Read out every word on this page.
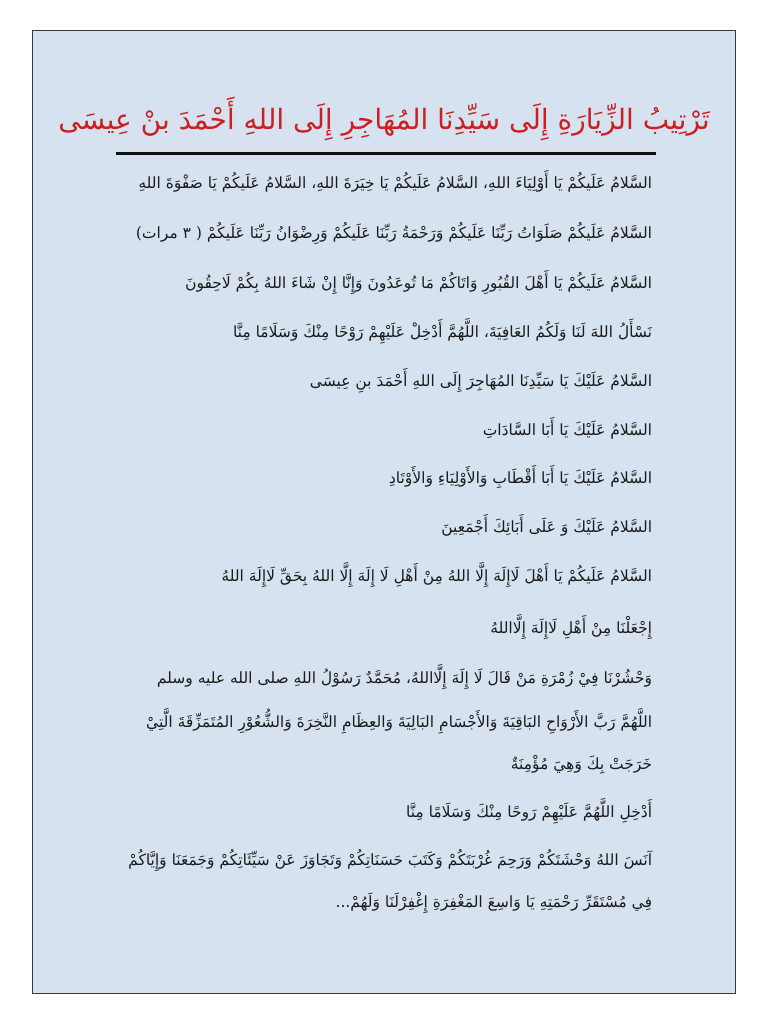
تَرْتِيبُ الزِّيَارَةِ إِلَى سَيِّدِنَا المُهَاجِرِ إِلَى اللهِ أَحْمَدَ بنْ عِيسَى
السَّلامُ عَلَيكُمْ يَا أَوْلِيَاءَ اللهِ، السَّلامُ عَلَيكُمْ يَا خِيَرَةَ اللهِ، السَّلامُ عَلَيكُمْ يَا صَفْوَةَ اللهِ
السَّلامُ عَلَيكُمْ صَلَوَاتُ رَبِّنَا عَلَيكُمْ وَرَحْمَةُ رَبِّنَا عَلَيكُمْ وَرِضْوَانُ رَبِّنَا عَلَيكُمْ ( ٣ مرات)
السَّلامُ عَلَيكُمْ يَا أَهْلَ القُبُورِ وَاتَاكُمْ مَا تُوعَدُونَ وَإِنَّا إِنْ شَاءَ اللهُ بِكُمْ لَاحِقُونَ
نَسْأَلُ اللهَ لَنَا وَلَكُمُ العَافِيَةَ، اللَّهُمَّ أَدْخِلْ عَلَيْهِمْ رَوْحًا مِنْكَ وَسَلَامًا مِنَّا
السَّلامُ عَلَيْكَ يَا سَيِّدِنَا المُهَاجِرَ إِلَى اللهِ أَحْمَدَ بنِ عِيسَى
السَّلامُ عَلَيْكَ يَا أَبَا السَّادَاتِ
السَّلامُ عَلَيْكَ يَا أَبَا أَقْطَابِ وَالأَوْلِيَاءِ وَالأَوْتَادِ
السَّلامُ عَلَيْكَ وَ عَلَى أَبَائِكَ أَجْمَعِينَ
السَّلامُ عَلَيكُمْ يَا أَهْلَ لَاإِلَهَ إِلَّا اللهُ مِنْ أَهْلِ لَا إِلَهَ إِلَّا اللهُ بِحَقِّ لَاإِلَهَ اللهُ
إِجْعَلْنَا مِنْ أَهْلِ لَاإِلَهَ إِلَّااللهُ
وَحْشُرْنَا فِيْ زُمْرَةِ مَنْ قَالَ لَا إِلَهَ إِلَّااللهُ، مُحَمَّدٌ رَسُوْلُ اللهِ صلى الله عليه وسلم
اللَّهُمَّ رَبَّ الأَرْوَاحِ البَاقِيَةَ وَالأَجْسَامِ البَالِيَةَ وَالعِظَامِ النَّخِرَةَ وَالشُّعُوْرِ المُتَمَزِّقَةَ الَّتِيْ خَرَجَتْ بِكَ وَهِيَ مُؤْمِنَةٌ
أَدْخِلِ اللَّهُمَّ عَلَيْهِمْ رَوحًا مِنْكَ وَسَلَامًا مِنَّا
آنَسَ اللهُ وَحْشَتَكُمْ وَرَحِمَ غُرْبَتَكُمْ وَكَتَبَ حَسَنَاتِكُمْ وَتَجَاوَزَ عَنْ سَيِّئَاتِكُمْ وَجَمَعَنَا وَإِيَّاكُمْ فِي مُسْتَقَرِّ رَحْمَتِهِ يَا وَاسِعَ المَغْفِرَةِ إِغْفِرْلَنَا وَلَهُمْ...
